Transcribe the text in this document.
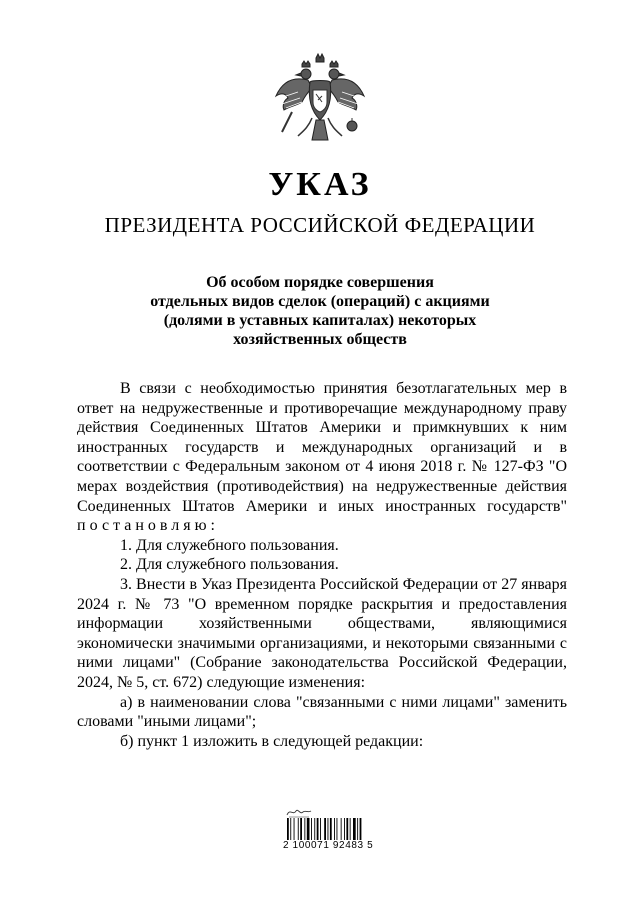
УКАЗ
ПРЕЗИДЕНТА РОССИЙСКОЙ ФЕДЕРАЦИИ
Об особом порядке совершения
отдельных видов сделок (операций) с акциями
(долями в уставных капиталах) некоторых
хозяйственных обществ
В связи с необходимостью принятия безотлагательных мер в ответ на недружественные и противоречащие международному праву действия Соединенных Штатов Америки и примкнувших к ним иностранных государств и международных организаций и в соответствии с Федеральным законом от 4 июня 2018 г. № 127-ФЗ "О мерах воздействия (противодействия) на недружественные действия Соединенных Штатов Америки и иных иностранных государств" постановляю:
1. Для служебного пользования.
2. Для служебного пользования.
3. Внести в Указ Президента Российской Федерации от 27 января 2024 г. № 73 "О временном порядке раскрытия и предоставления информации хозяйственными обществами, являющимися экономически значимыми организациями, и некоторыми связанными с ними лицами" (Собрание законодательства Российской Федерации, 2024, № 5, ст. 672) следующие изменения:
а) в наименовании слова "связанными с ними лицами" заменить словами "иными лицами";
б) пункт 1 изложить в следующей редакции:
2 100071 92483 5
